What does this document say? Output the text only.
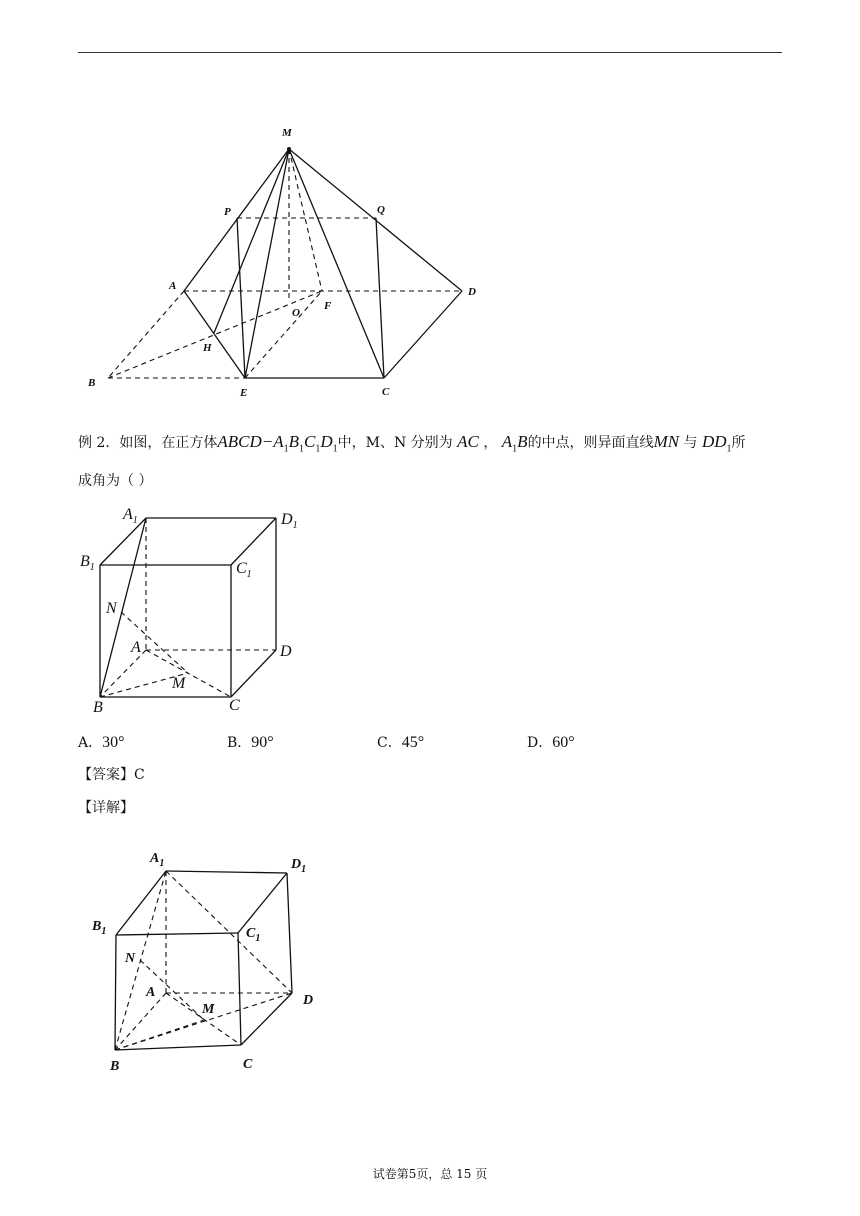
M
P	Q
A	D
O
F
H
B
E	C
例 2．如图，在正方体$ABCD-A_1B_1C_1D_1$中，M、N 分别为 AC ， $A_1B$的中点，则异面直线MN 与 $DD_1$所
成角为（ ）
$A_1$	$D_1$
$B_1$	$C_1$
N
A	D
M
B	C
A．30°	B．90°	C．45°	D．60°
【答案】C
【详解】
$A_1$	$D_1$
$B_1$	$C_1$
N
A
M
D
B	C
试卷第5页，总 15 页
